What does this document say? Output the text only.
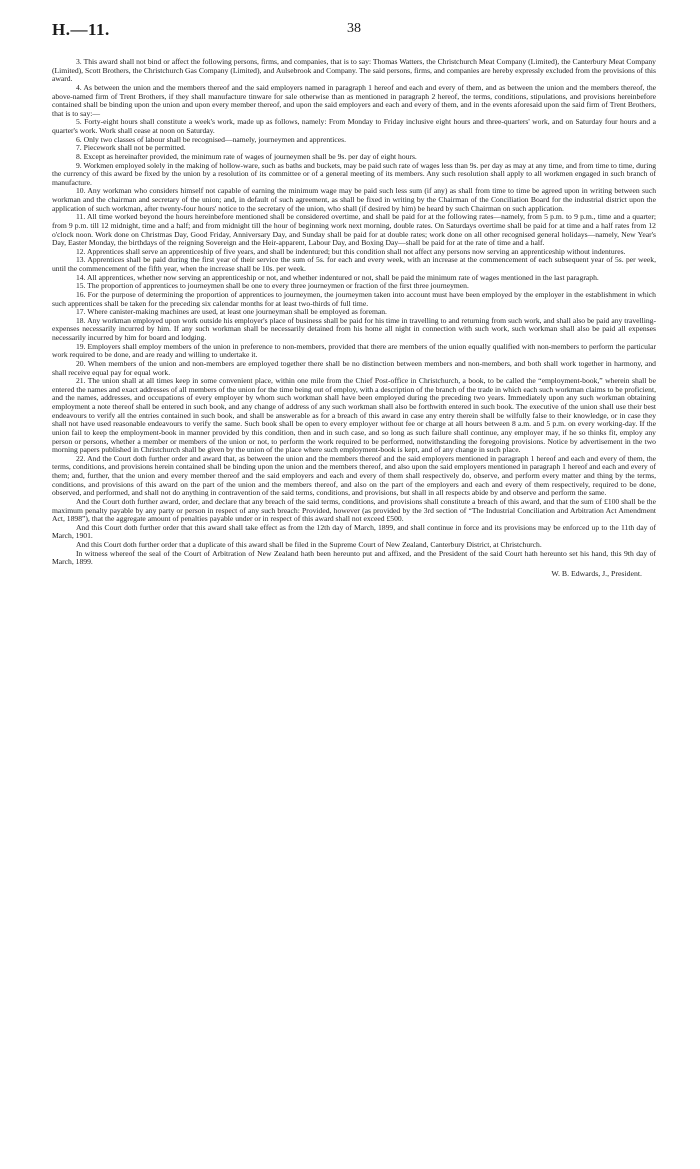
H.—11.	38

3. This award shall not bind or affect the following persons, firms, and companies, that is to say: Thomas Watters, the Christchurch Meat Company (Limited), the Canterbury Meat Company (Limited), Scott Brothers, the Christchurch Gas Company (Limited), and Aulsebrook and Company. The said persons, firms, and companies are hereby expressly excluded from the provisions of this award.

4. As between the union and the members thereof and the said employers named in paragraph 1 hereof and each and every of them, and as between the union and the members thereof, the above-named firm of Trent Brothers, if they shall manufacture tinware for sale otherwise than as mentioned in paragraph 2 hereof, the terms, conditions, stipulations, and provisions hereinbefore contained shall be binding upon the union and upon every member thereof, and upon the said employers and each and every of them, and in the events aforesaid upon the said firm of Trent Brothers, that is to say:—

5. Forty-eight hours shall constitute a week's work, made up as follows, namely: From Monday to Friday inclusive eight hours and three-quarters' work, and on Saturday four hours and a quarter's work. Work shall cease at noon on Saturday.

6. Only two classes of labour shall be recognised—namely, journeymen and apprentices.

7. Piecework shall not be permitted.

8. Except as hereinafter provided, the minimum rate of wages of journeymen shall be 9s. per day of eight hours.

9. Workmen employed solely in the making of hollow-ware, such as baths and buckets, may be paid such rate of wages less than 9s. per day as may at any time, and from time to time, during the currency of this award be fixed by the union by a resolution of its committee or of a general meeting of its members. Any such resolution shall apply to all workmen engaged in such branch of manufacture.

10. Any workman who considers himself not capable of earning the minimum wage may be paid such less sum (if any) as shall from time to time be agreed upon in writing between such workman and the chairman and secretary of the union; and, in default of such agreement, as shall be fixed in writing by the Chairman of the Conciliation Board for the industrial district upon the application of such workman, after twenty-four hours' notice to the secretary of the union, who shall (if desired by him) be heard by such Chairman on such application.

11. All time worked beyond the hours hereinbefore mentioned shall be considered overtime, and shall be paid for at the following rates—namely, from 5 p.m. to 9 p.m., time and a quarter; from 9 p.m. till 12 midnight, time and a half; and from midnight till the hour of beginning work next morning, double rates. On Saturdays overtime shall be paid for at time and a half rates from 12 o'clock noon. Work done on Christmas Day, Good Friday, Anniversary Day, and Sunday shall be paid for at double rates; work done on all other recognised general holidays—namely, New Year's Day, Easter Monday, the birthdays of the reigning Sovereign and the Heir-apparent, Labour Day, and Boxing Day—shall be paid for at the rate of time and a half.

12. Apprentices shall serve an apprenticeship of five years, and shall be indentured; but this condition shall not affect any persons now serving an apprenticeship without indentures.

13. Apprentices shall be paid during the first year of their service the sum of 5s. for each and every week, with an increase at the commencement of each subsequent year of 5s. per week, until the commencement of the fifth year, when the increase shall be 10s. per week.

14. All apprentices, whether now serving an apprenticeship or not, and whether indentured or not, shall be paid the minimum rate of wages mentioned in the last paragraph.

15. The proportion of apprentices to journeymen shall be one to every three journeymen or fraction of the first three journeymen.

16. For the purpose of determining the proportion of apprentices to journeymen, the journeymen taken into account must have been employed by the employer in the establishment in which such apprentices shall be taken for the preceding six calendar months for at least two-thirds of full time.

17. Where canister-making machines are used, at least one journeyman shall be employed as foreman.

18. Any workman employed upon work outside his employer's place of business shall be paid for his time in travelling to and returning from such work, and shall also be paid any travelling-expenses necessarily incurred by him. If any such workman shall be necessarily detained from his home all night in connection with such work, such workman shall also be paid all expenses necessarily incurred by him for board and lodging.

19. Employers shall employ members of the union in preference to non-members, provided that there are members of the union equally qualified with non-members to perform the particular work required to be done, and are ready and willing to undertake it.

20. When members of the union and non-members are employed together there shall be no distinction between members and non-members, and both shall work together in harmony, and shall receive equal pay for equal work.

21. The union shall at all times keep in some convenient place, within one mile from the Chief Post-office in Christchurch, a book, to be called the “employment-book,” wherein shall be entered the names and exact addresses of all members of the union for the time being out of employ, with a description of the branch of the trade in which each such workman claims to be proficient, and the names, addresses, and occupations of every employer by whom such workman shall have been employed during the preceding two years. Immediately upon any such workman obtaining employment a note thereof shall be entered in such book, and any change of address of any such workman shall also be forthwith entered in such book. The executive of the union shall use their best endeavours to verify all the entries contained in such book, and shall be answerable as for a breach of this award in case any entry therein shall be wilfully false to their knowledge, or in case they shall not have used reasonable endeavours to verify the same. Such book shall be open to every employer without fee or charge at all hours between 8 a.m. and 5 p.m. on every working-day. If the union fail to keep the employment-book in manner provided by this condition, then and in such case, and so long as such failure shall continue, any employer may, if he so thinks fit, employ any person or persons, whether a member or members of the union or not, to perform the work required to be performed, notwithstanding the foregoing provisions. Notice by advertisement in the two morning papers published in Christchurch shall be given by the union of the place where such employment-book is kept, and of any change in such place.

22. And the Court doth further order and award that, as between the union and the members thereof and the said employers mentioned in paragraph 1 hereof and each and every of them, the terms, conditions, and provisions herein contained shall be binding upon the union and the members thereof, and also upon the said employers mentioned in paragraph 1 hereof and each and every of them; and, further, that the union and every member thereof and the said employers and each and every of them shall respectively do, observe, and perform every matter and thing by the terms, conditions, and provisions of this award on the part of the union and the members thereof, and also on the part of the employers and each and every of them respectively, required to be done, observed, and performed, and shall not do anything in contravention of the said terms, conditions, and provisions, but shall in all respects abide by and observe and perform the same.

And the Court doth further award, order, and declare that any breach of the said terms, conditions, and provisions shall constitute a breach of this award, and that the sum of £100 shall be the maximum penalty payable by any party or person in respect of any such breach: Provided, however (as provided by the 3rd section of “The Industrial Conciliation and Arbitration Act Amendment Act, 1898”), that the aggregate amount of penalties payable under or in respect of this award shall not exceed £500.

And this Court doth further order that this award shall take effect as from the 12th day of March, 1899, and shall continue in force and its provisions may be enforced up to the 11th day of March, 1901.

And this Court doth further order that a duplicate of this award shall be filed in the Supreme Court of New Zealand, Canterbury District, at Christchurch.

In witness whereof the seal of the Court of Arbitration of New Zealand hath been hereunto put and affixed, and the President of the said Court hath hereunto set his hand, this 9th day of March, 1899.

W. B. Edwards, J., President.
